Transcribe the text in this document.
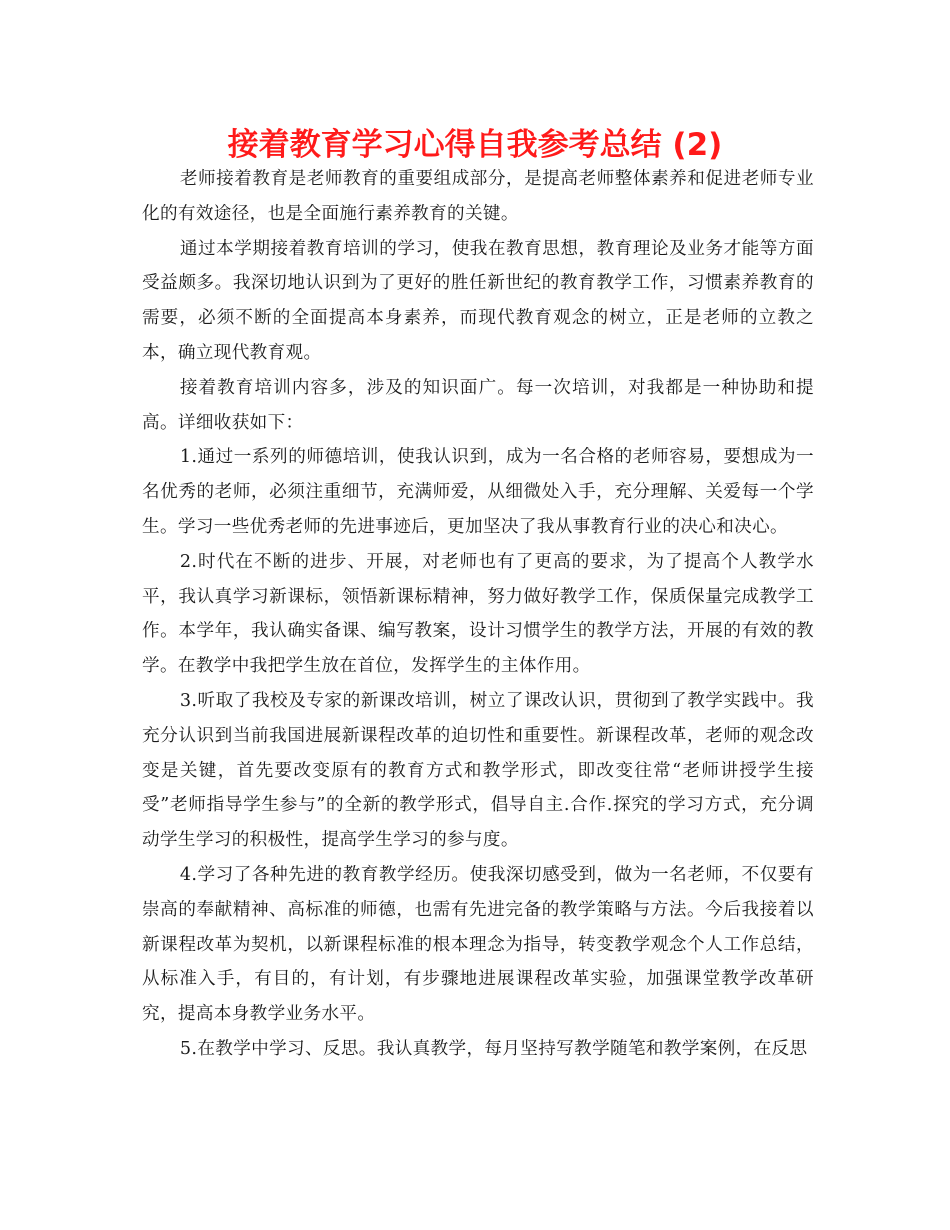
接着教育学习心得自我参考总结 (2)

老师接着教育是老师教育的重要组成部分，是提高老师整体素养和促进老师专业化的有效途径，也是全面施行素养教育的关键。

通过本学期接着教育培训的学习，使我在教育思想，教育理论及业务才能等方面受益颇多。我深切地认识到为了更好的胜任新世纪的教育教学工作，习惯素养教育的需要，必须不断的全面提高本身素养，而现代教育观念的树立，正是老师的立教之本，确立现代教育观。

接着教育培训内容多，涉及的知识面广。每一次培训，对我都是一种协助和提高。详细收获如下：

1.通过一系列的师德培训，使我认识到，成为一名合格的老师容易，要想成为一名优秀的老师，必须注重细节，充满师爱，从细微处入手，充分理解、关爱每一个学生。学习一些优秀老师的先进事迹后，更加坚决了我从事教育行业的决心和决心。

2.时代在不断的进步、开展，对老师也有了更高的要求，为了提高个人教学水平，我认真学习新课标，领悟新课标精神，努力做好教学工作，保质保量完成教学工作。本学年，我认确实备课、编写教案，设计习惯学生的教学方法，开展的有效的教学。在教学中我把学生放在首位，发挥学生的主体作用。

3.听取了我校及专家的新课改培训，树立了课改认识，贯彻到了教学实践中。我充分认识到当前我国进展新课程改革的迫切性和重要性。新课程改革，老师的观念改变是关键，首先要改变原有的教育方式和教学形式，即改变往常“老师讲授学生接受”老师指导学生参与”的全新的教学形式，倡导自主.合作.探究的学习方式，充分调动学生学习的积极性，提高学生学习的参与度。

4.学习了各种先进的教育教学经历。使我深切感受到，做为一名老师，不仅要有崇高的奉献精神、高标准的师德，也需有先进完备的教学策略与方法。今后我接着以新课程改革为契机，以新课程标准的根本理念为指导，转变教学观念个人工作总结，从标准入手，有目的，有计划，有步骤地进展课程改革实验，加强课堂教学改革研究，提高本身教学业务水平。

5.在教学中学习、反思。我认真教学，每月坚持写教学随笔和教学案例，在反思
